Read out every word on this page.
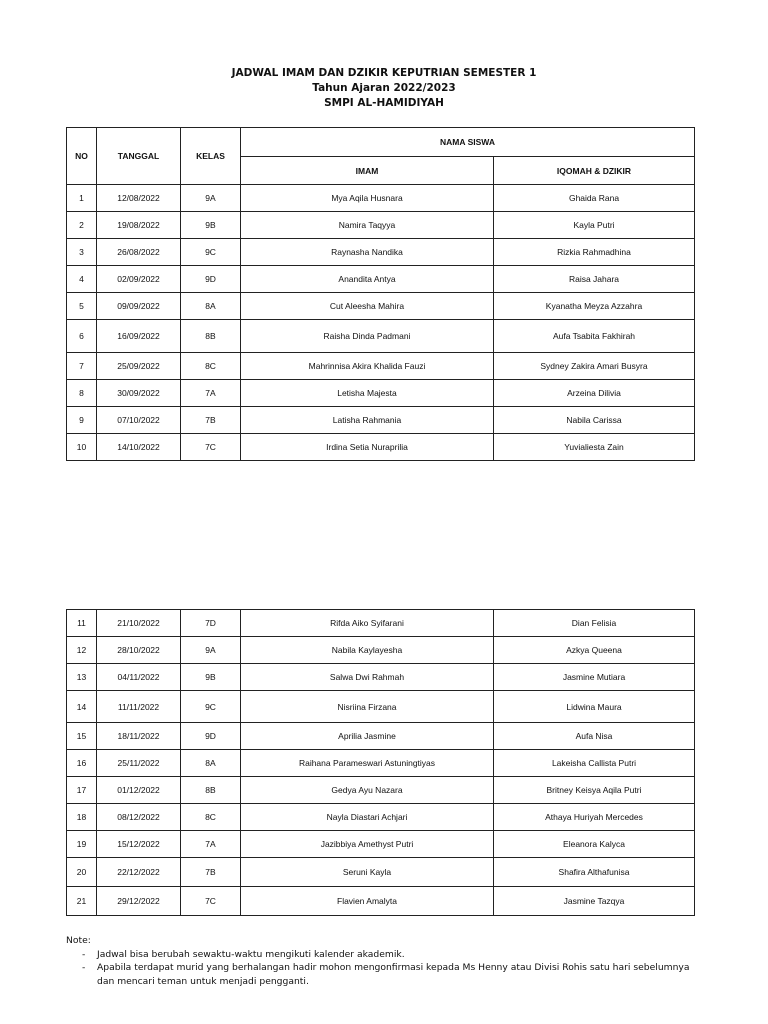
JADWAL IMAM DAN DZIKIR KEPUTRIAN SEMESTER 1
Tahun Ajaran 2022/2023
SMPI AL-HAMIDIYAH
NO	TANGGAL	KELAS	NAMA SISWA	
			IMAM	IQOMAH & DZIKIR
1	12/08/2022	9A	Mya Aqila Husnara	Ghaida Rana
2	19/08/2022	9B	Namira Taqyya	Kayla Putri
3	26/08/2022	9C	Raynasha Nandika	Rizkia Rahmadhina
4	02/09/2022	9D	Anandita Antya	Raisa Jahara
5	09/09/2022	8A	Cut Aleesha Mahira	Kyanatha Meyza Azzahra
6	16/09/2022	8B	Raisha Dinda Padmani	Aufa Tsabita Fakhirah
7	25/09/2022	8C	Mahrinnisa Akira Khalida Fauzi	Sydney Zakira Amari Busyra
8	30/09/2022	7A	Letisha Majesta	Arzeina Dilivia
9	07/10/2022	7B	Latisha Rahmania	Nabila Carissa
10	14/10/2022	7C	Irdina Setia Nuraprilia	Yuvialiesta Zain
11	21/10/2022	7D	Rifda Aiko Syifarani	Dian Felisia
12	28/10/2022	9A	Nabila Kaylayesha	Azkya Queena
13	04/11/2022	9B	Salwa Dwi Rahmah	Jasmine Mutiara
14	11/11/2022	9C	Nisriina Firzana	Lidwina Maura
15	18/11/2022	9D	Aprilia Jasmine	Aufa Nisa
16	25/11/2022	8A	Raihana Parameswari Astuningtiyas	Lakeisha Callista Putri
17	01/12/2022	8B	Gedya Ayu Nazara	Britney Keisya Aqila Putri
18	08/12/2022	8C	Nayla Diastari Achjari	Athaya Huriyah Mercedes
19	15/12/2022	7A	Jazibbiya Amethyst Putri	Eleanora Kalyca
20	22/12/2022	7B	Seruni Kayla	Shafira Althafunisa
21	29/12/2022	7C	Flavien Amalyta	Jasmine Tazqya
Note:
- Jadwal bisa berubah sewaktu-waktu mengikuti kalender akademik.
- Apabila terdapat murid yang berhalangan hadir mohon mengonfirmasi kepada Ms Henny atau Divisi Rohis satu hari sebelumnya dan mencari teman untuk menjadi pengganti.
